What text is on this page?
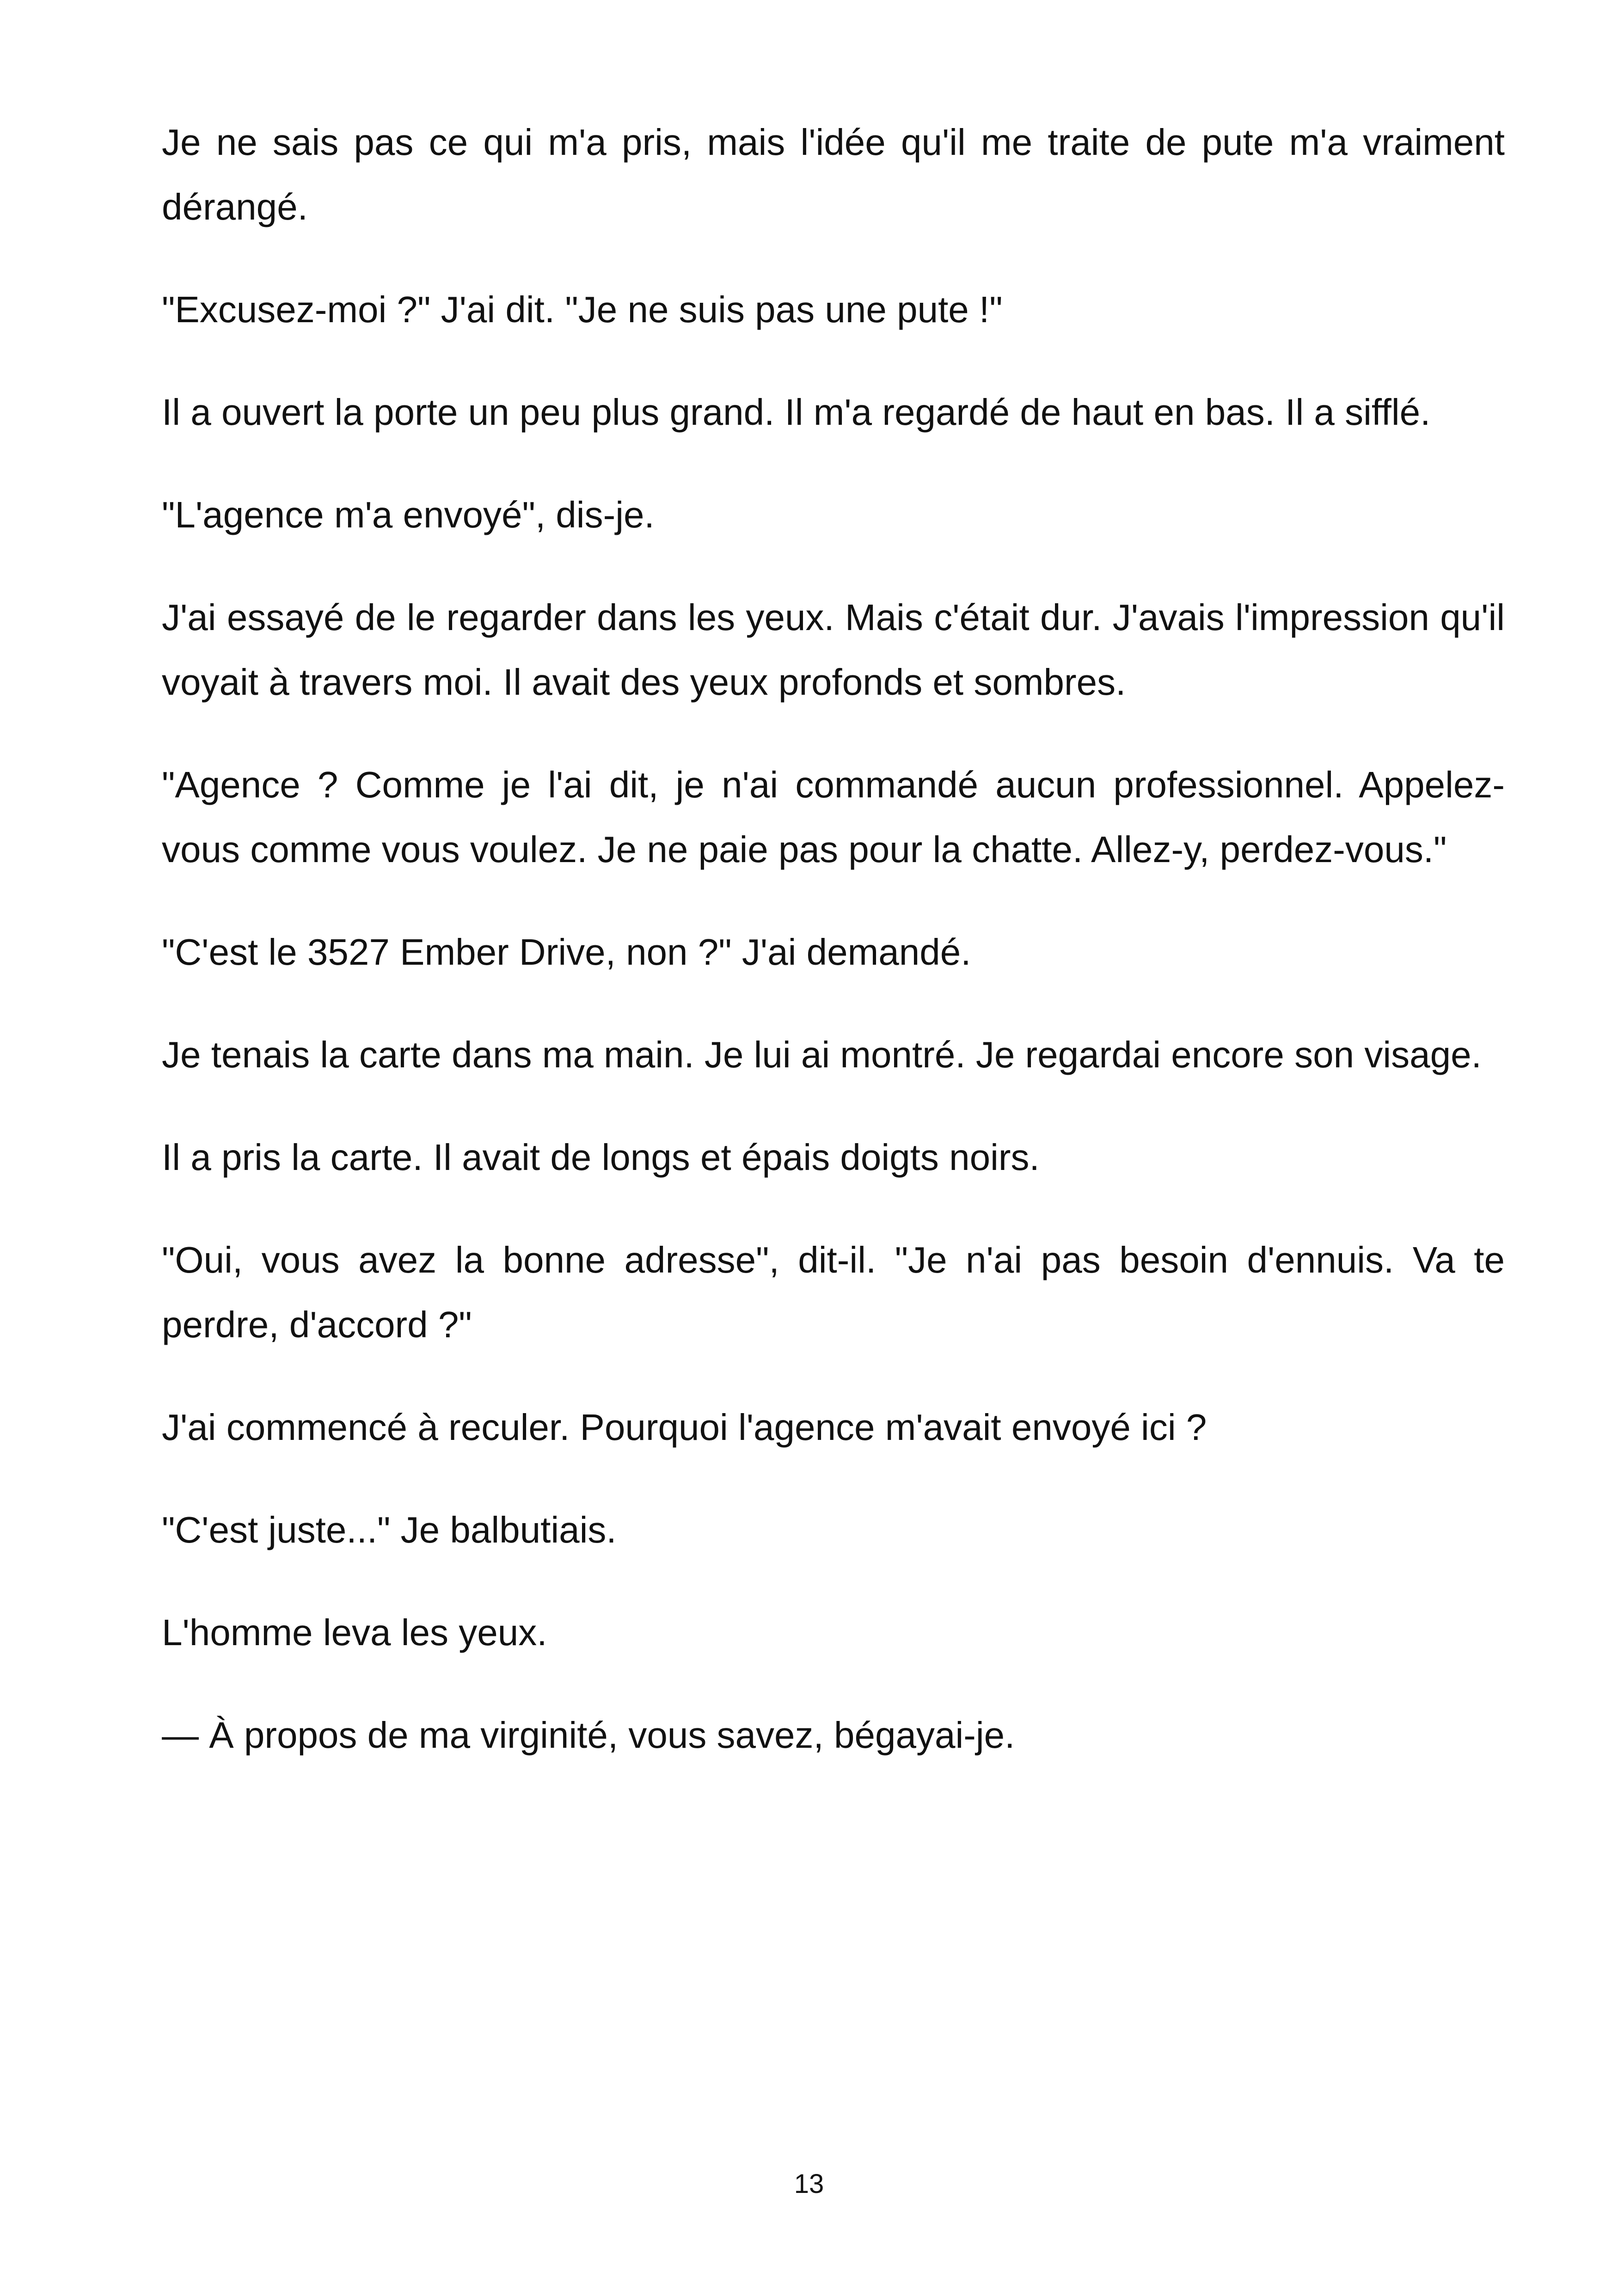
Je ne sais pas ce qui m'a pris, mais l'idée qu'il me traite de pute m'a vraiment dérangé.

"Excusez-moi ?" J'ai dit. "Je ne suis pas une pute !"

Il a ouvert la porte un peu plus grand. Il m'a regardé de haut en bas. Il a sifflé.

"L'agence m'a envoyé", dis-je.

J'ai essayé de le regarder dans les yeux. Mais c'était dur. J'avais l'impression qu'il voyait à travers moi. Il avait des yeux profonds et sombres.

"Agence ? Comme je l'ai dit, je n'ai commandé aucun professionnel. Appelez-vous comme vous voulez. Je ne paie pas pour la chatte. Allez-y, perdez-vous."

"C'est le 3527 Ember Drive, non ?" J'ai demandé.

Je tenais la carte dans ma main. Je lui ai montré. Je regardai encore son visage.

Il a pris la carte. Il avait de longs et épais doigts noirs.

"Oui, vous avez la bonne adresse", dit-il. "Je n'ai pas besoin d'ennuis. Va te perdre, d'accord ?"

J'ai commencé à reculer. Pourquoi l'agence m'avait envoyé ici ?

"C'est juste..." Je balbutiais.

L'homme leva les yeux.

— À propos de ma virginité, vous savez, bégayai-je.

13
